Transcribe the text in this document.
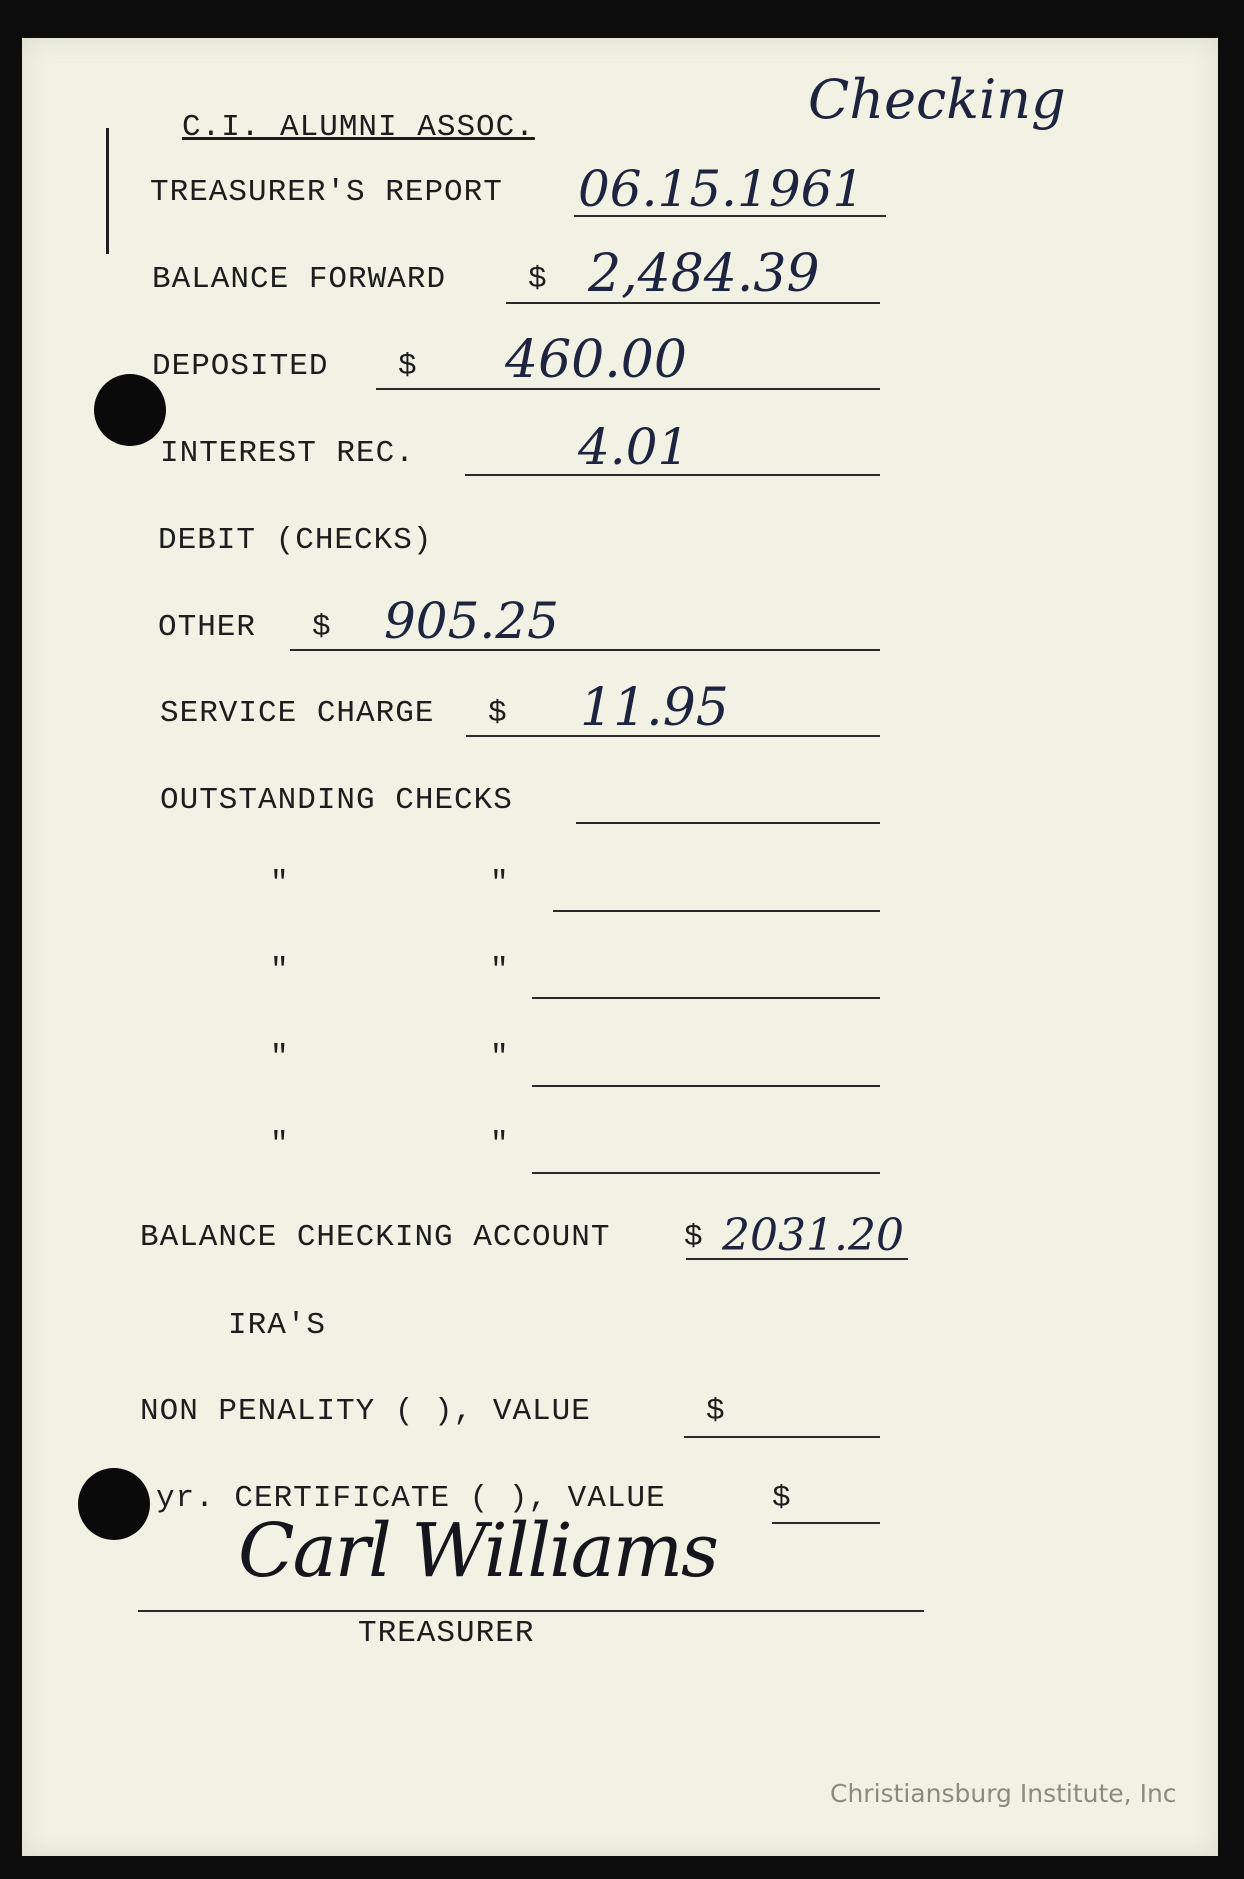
C.I. ALUMNI ASSOC.	Checking
TREASURER'S REPORT 06.15.1961
BALANCE FORWARD	$ 2,484.39
DEPOSITED $ 460.00
INTEREST REC.	4.01
DEBIT (CHECKS)
OTHER $ 905.25
SERVICE CHARGE $ 11.95
OUTSTANDING CHECKS
"	"
"	"
"	"
"	"
BALANCE CHECKING ACCOUNT $ 2031.20
IRA'S
NON PENALITY ( ), VALUE	$
yr. CERTIFICATE ( ), VALUE	$
Carl Williams
TREASURER
Christiansburg Institute, Inc
